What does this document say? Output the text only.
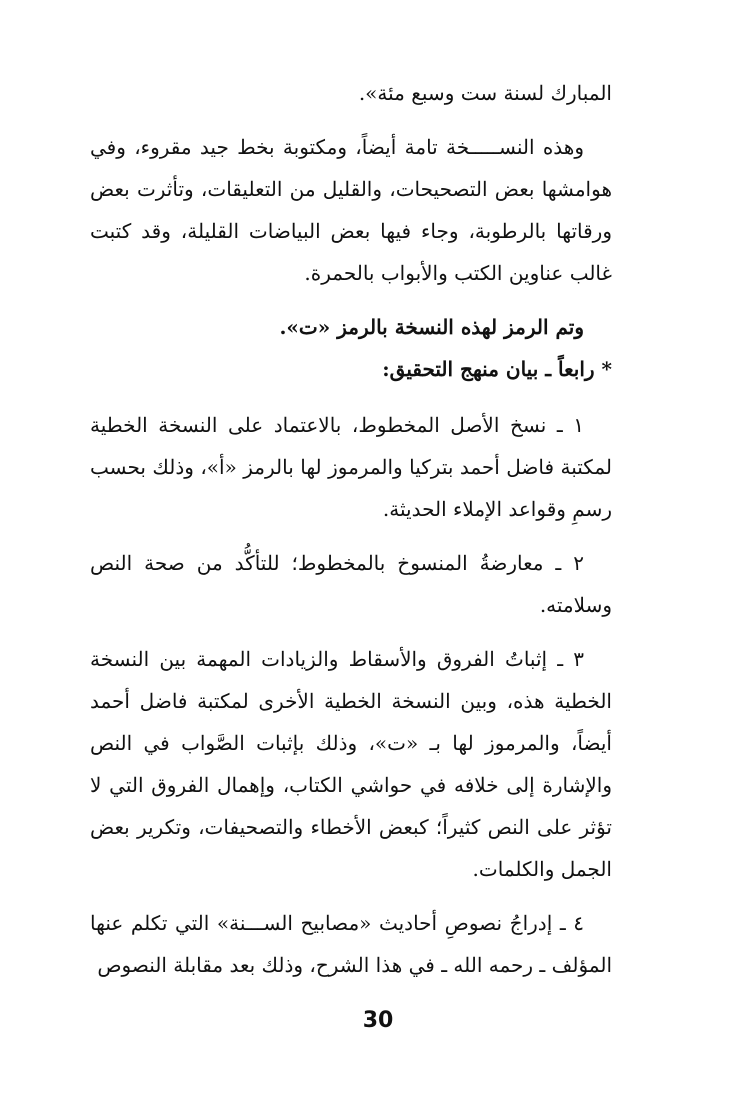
المبارك لسنة ست وسبع مئة».

وهذه النســـــخة تامة أيضاً، ومكتوبة بخط جيد مقروء، وفي هوامشها بعض التصحيحات، والقليل من التعليقات، وتأثرت بعض ورقاتها بالرطوبة، وجاء فيها بعض البياضات القليلة، وقد كتبت غالب عناوين الكتب والأبواب بالحمرة.

وتم الرمز لهذه النسخة بالرمز «ت».

* رابعاً ـ بيان منهج التحقيق:

١ ـ نسخ الأصل المخطوط، بالاعتماد على النسخة الخطية لمكتبة فاضل أحمد بتركيا والمرموز لها بالرمز «أ»، وذلك بحسب رسمِ وقواعد الإملاء الحديثة.

٢ ـ معارضةُ المنسوخ بالمخطوط؛ للتأكُّد من صحة النص وسلامته.

٣ ـ إثباتُ الفروق والأسقاط والزيادات المهمة بين النسخة الخطية هذه، وبين النسخة الخطية الأخرى لمكتبة فاضل أحمد أيضاً، والمرموز لها بـ «ت»، وذلك بإثبات الصَّواب في النص والإشارة إلى خلافه في حواشي الكتاب، وإهمال الفروق التي لا تؤثر على النص كثيراً؛ كبعض الأخطاء والتصحيفات، وتكرير بعض الجمل والكلمات.

٤ ـ إدراجُ نصوصِ أحاديث «مصابيح الســـنة» التي تكلم عنها المؤلف ـ رحمه الله ـ في هذا الشرح، وذلك بعد مقابلة النصوص

30
